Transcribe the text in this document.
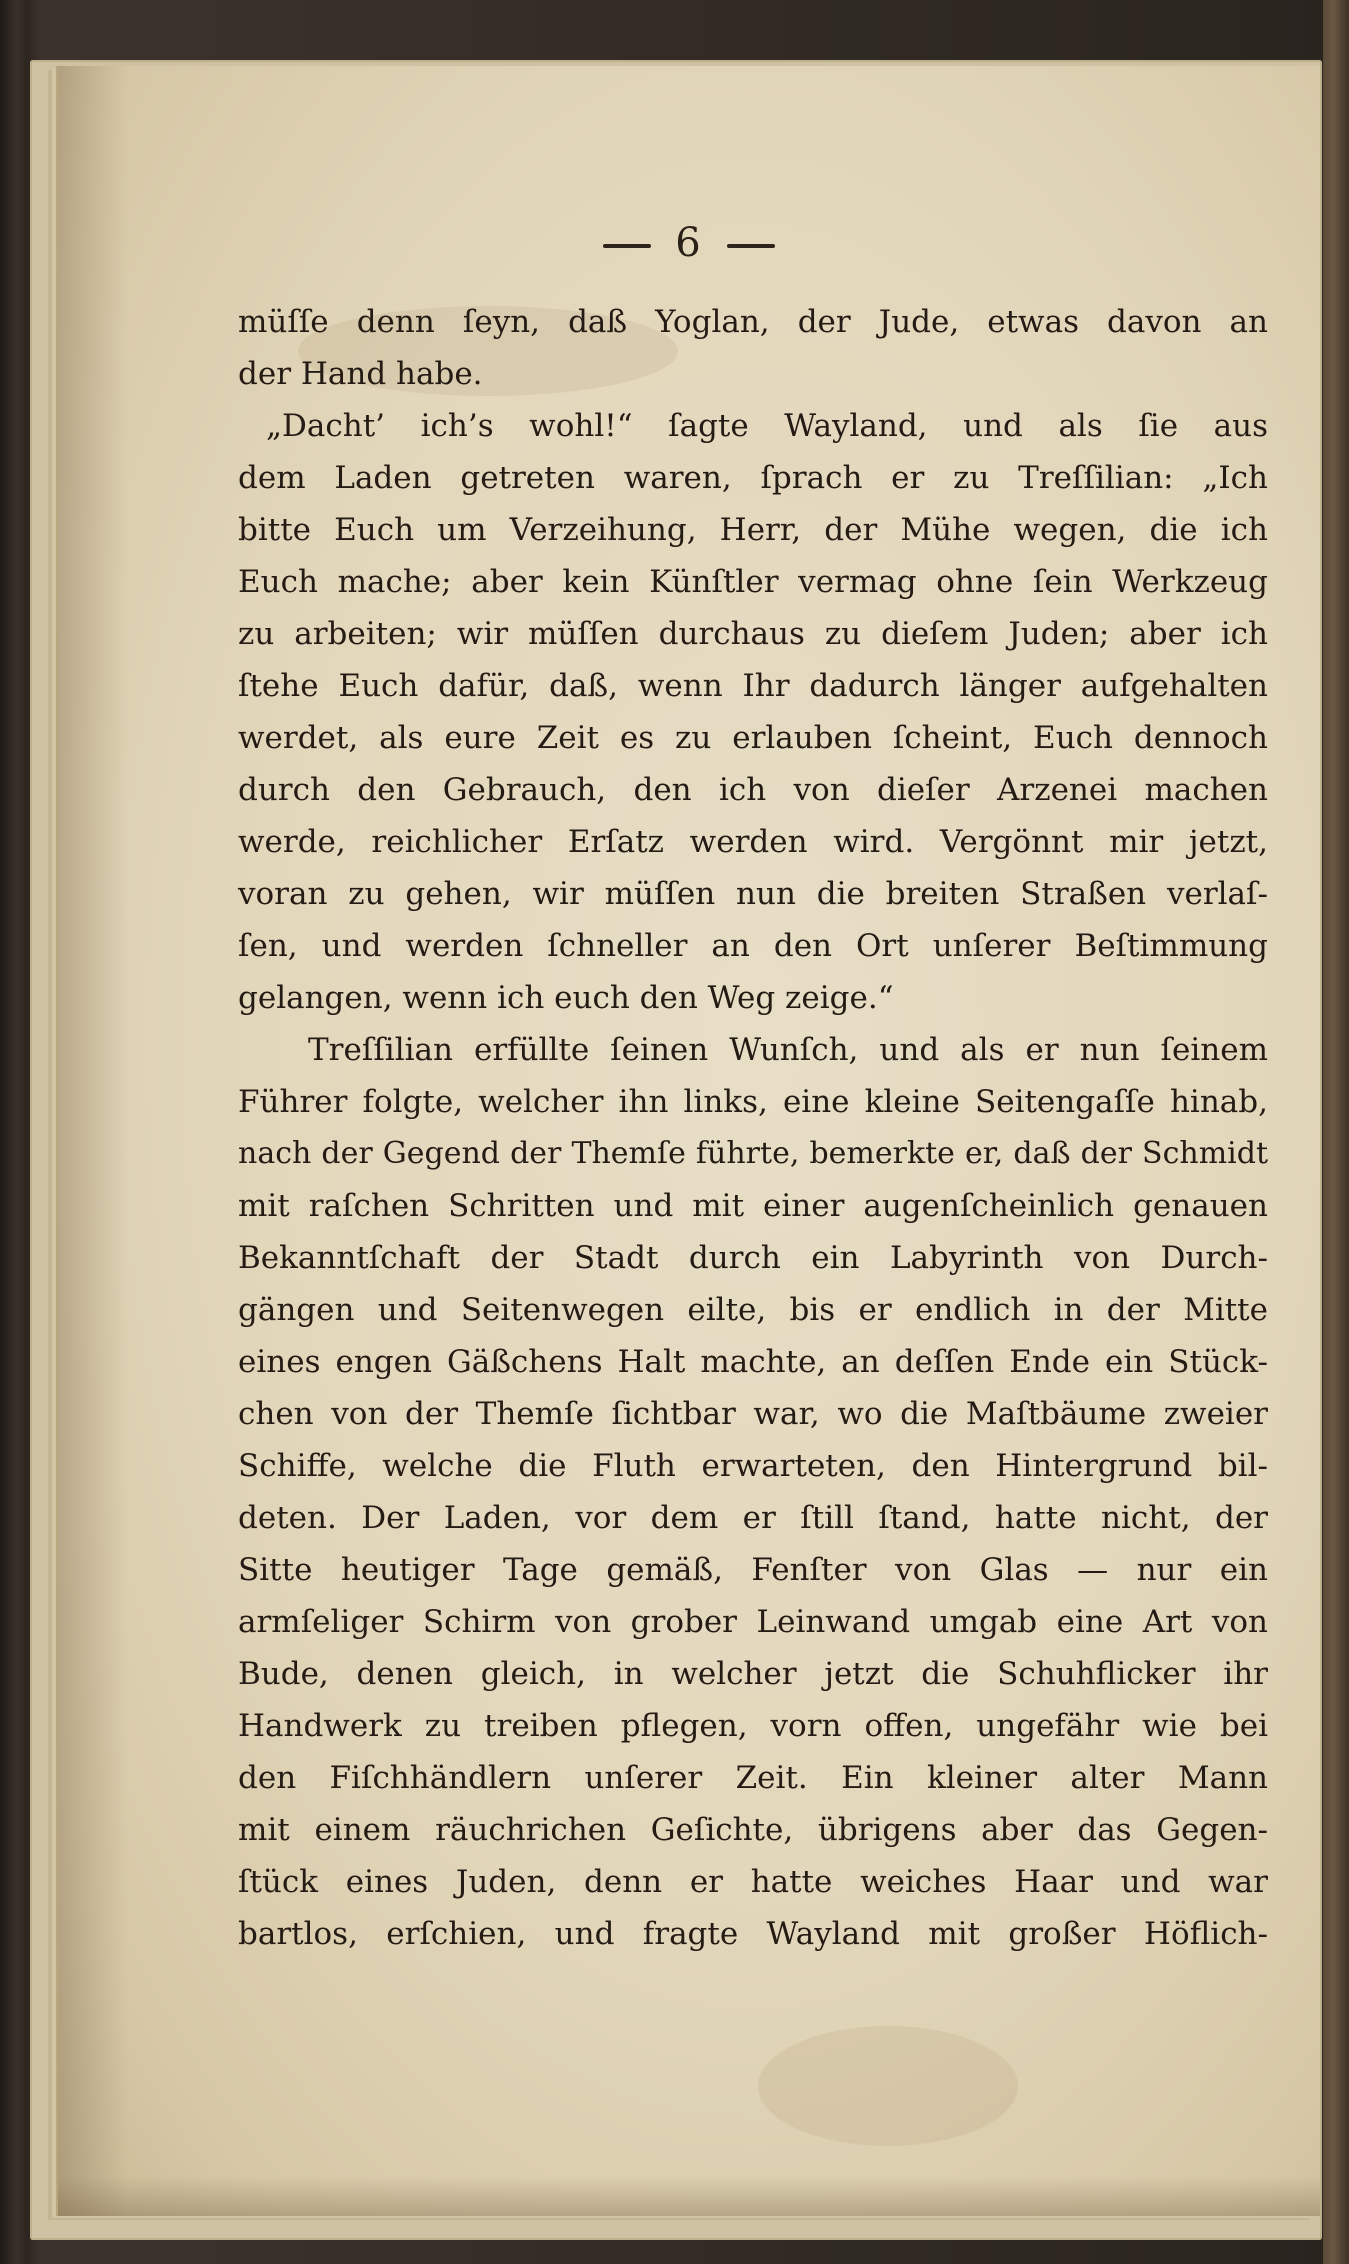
6
müſſe denn ſeyn, daß Yoglan, der Jude, etwas davon an
der Hand habe.
„Dacht’ ich’s wohl!“ ſagte Wayland, und als ſie aus
dem Laden getreten waren, ſprach er zu Treſſilian: „Ich
bitte Euch um Verzeihung, Herr, der Mühe wegen, die ich
Euch mache; aber kein Künſtler vermag ohne ſein Werkzeug
zu arbeiten; wir müſſen durchaus zu dieſem Juden; aber ich
ſtehe Euch dafür, daß, wenn Ihr dadurch länger aufgehalten
werdet, als eure Zeit es zu erlauben ſcheint, Euch dennoch
durch den Gebrauch, den ich von dieſer Arzenei machen
werde, reichlicher Erſatz werden wird. Vergönnt mir jetzt,
voran zu gehen, wir müſſen nun die breiten Straßen verlaſ-
ſen, und werden ſchneller an den Ort unſerer Beſtimmung
gelangen, wenn ich euch den Weg zeige.“
Treſſilian erfüllte ſeinen Wunſch, und als er nun ſeinem
Führer folgte, welcher ihn links, eine kleine Seitengaſſe hinab,
nach der Gegend der Themſe führte, bemerkte er, daß der Schmidt
mit raſchen Schritten und mit einer augenſcheinlich genauen
Bekanntſchaft der Stadt durch ein Labyrinth von Durch-
gängen und Seitenwegen eilte, bis er endlich in der Mitte
eines engen Gäßchens Halt machte, an deſſen Ende ein Stück-
chen von der Themſe ſichtbar war, wo die Maſtbäume zweier
Schiffe, welche die Fluth erwarteten, den Hintergrund bil-
deten. Der Laden, vor dem er ſtill ſtand, hatte nicht, der
Sitte heutiger Tage gemäß, Fenſter von Glas — nur ein
armſeliger Schirm von grober Leinwand umgab eine Art von
Bude, denen gleich, in welcher jetzt die Schuhflicker ihr
Handwerk zu treiben pflegen, vorn offen, ungefähr wie bei
den Fiſchhändlern unſerer Zeit. Ein kleiner alter Mann
mit einem räuchrichen Geſichte, übrigens aber das Gegen-
ſtück eines Juden, denn er hatte weiches Haar und war
bartlos, erſchien, und fragte Wayland mit großer Höflich-
